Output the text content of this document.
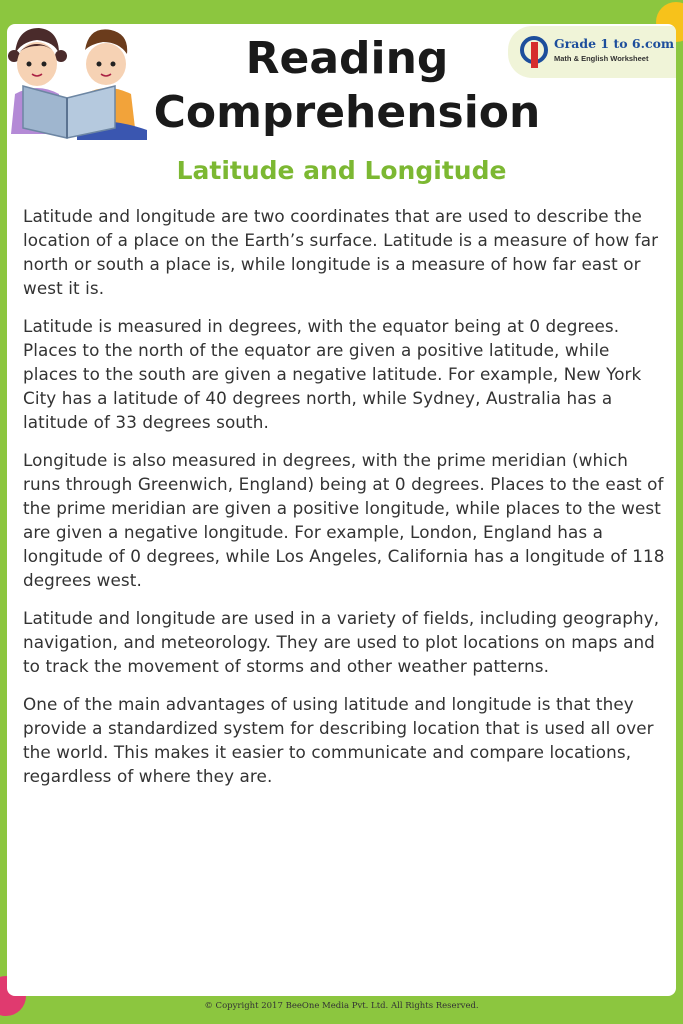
Grade 1 to 6.com
Math & English Worksheet
Reading
Comprehension
Latitude and Longitude

Latitude and longitude are two coordinates that are used to describe the location of a place on the Earth’s surface. Latitude is a measure of how far north or south a place is, while longitude is a measure of how far east or west it is.

Latitude is measured in degrees, with the equator being at 0 degrees. Places to the north of the equator are given a positive latitude, while places to the south are given a negative latitude. For example, New York City has a latitude of 40 degrees north, while Sydney, Australia has a latitude of 33 degrees south.

Longitude is also measured in degrees, with the prime meridian (which runs through Greenwich, England) being at 0 degrees. Places to the east of the prime meridian are given a positive longitude, while places to the west are given a negative longitude. For example, London, England has a longitude of 0 degrees, while Los Angeles, California has a longitude of 118 degrees west.

Latitude and longitude are used in a variety of fields, including geography, navigation, and meteorology. They are used to plot locations on maps and to track the movement of storms and other weather patterns.

One of the main advantages of using latitude and longitude is that they provide a standardized system for describing location that is used all over the world. This makes it easier to communicate and compare locations, regardless of where they are.

© Copyright 2017 BeeOne Media Pvt. Ltd. All Rights Reserved.
